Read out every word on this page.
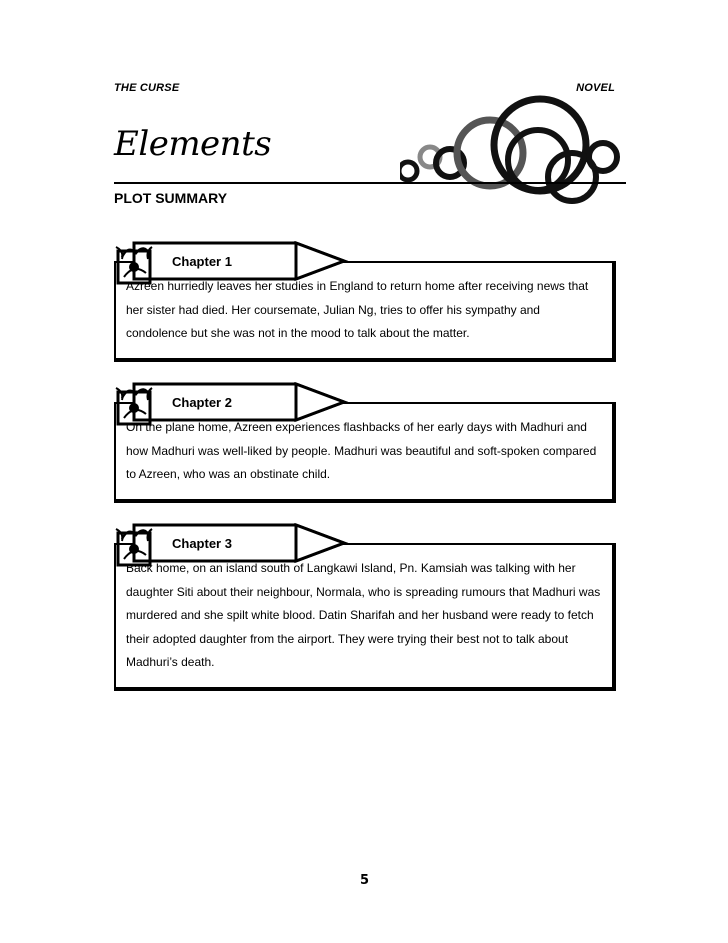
THE CURSE	NOVEL
Elements
PLOT SUMMARY

Azreen hurriedly leaves her studies in England to return home after receiving news that her sister had died. Her coursemate, Julian Ng, tries to offer his sympathy and condolence but she was not in the mood to talk about the matter.

Chapter 1

On the plane home, Azreen experiences flashbacks of her early days with Madhuri and how Madhuri was well-liked by people. Madhuri was beautiful and soft-spoken compared to Azreen, who was an obstinate child.

Chapter 2

Back home, on an island south of Langkawi Island, Pn. Kamsiah was talking with her daughter Siti about their neighbour, Normala, who is spreading rumours that Madhuri was murdered and she spilt white blood. Datin Sharifah and her husband were ready to fetch their adopted daughter from the airport. They were trying their best not to talk about Madhuri’s death.

Chapter 3
5
